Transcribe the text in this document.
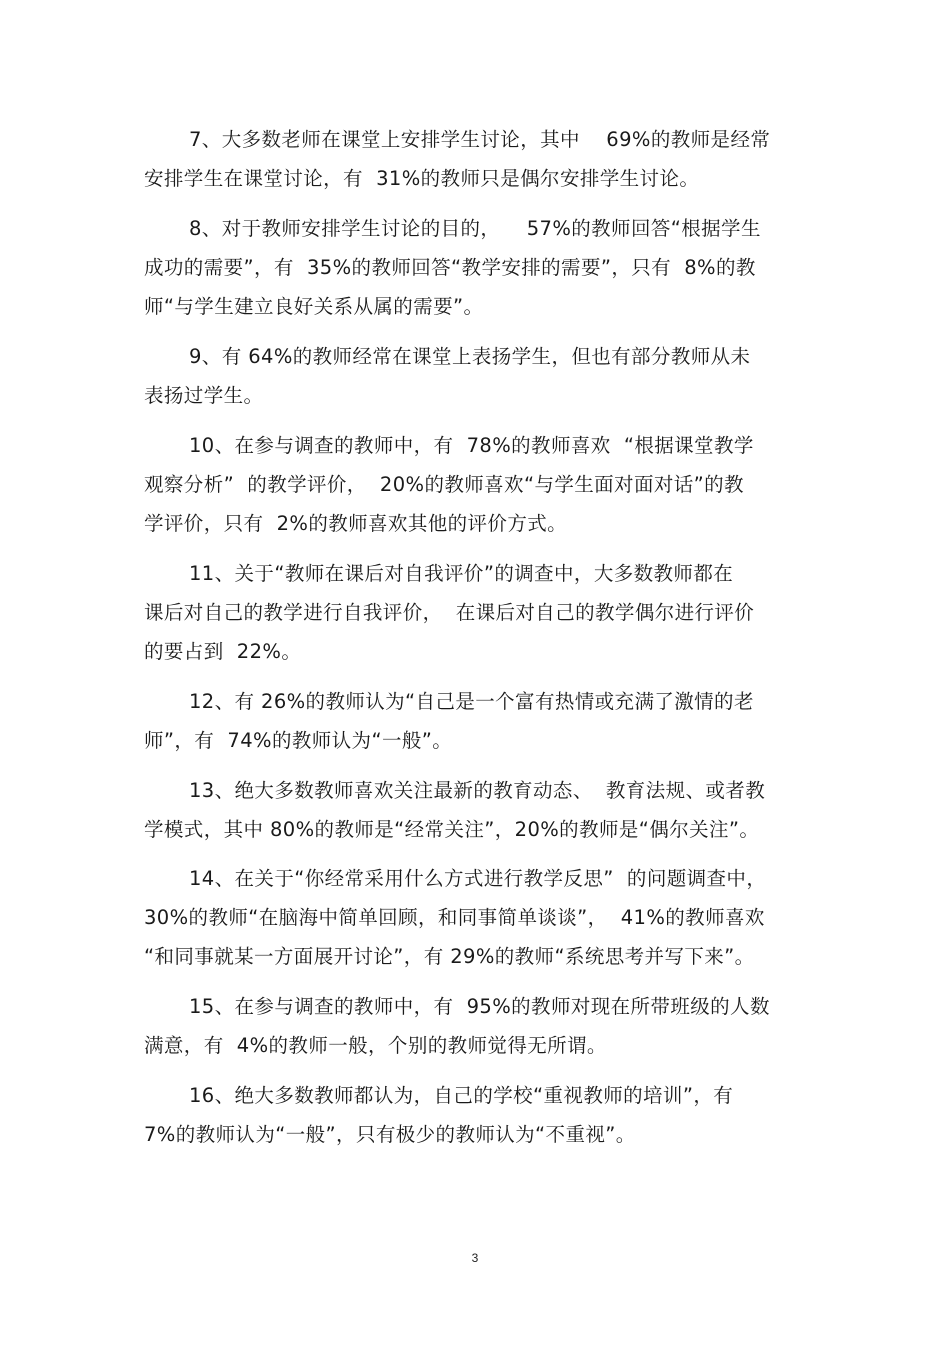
7、大多数老师在课堂上安排学生讨论，其中    69%的教师是经常
安排学生在课堂讨论，有  31%的教师只是偶尔安排学生讨论。
8、对于教师安排学生讨论的目的，    57%的教师回答“根据学生
成功的需要”，有  35%的教师回答“教学安排的需要”，只有  8%的教
师“与学生建立良好关系从属的需要”。
9、有 64%的教师经常在课堂上表扬学生，但也有部分教师从未
表扬过学生。
10、在参与调查的教师中，有  78%的教师喜欢  “根据课堂教学
观察分析”  的教学评价，  20%的教师喜欢“与学生面对面对话”的教
学评价，只有  2%的教师喜欢其他的评价方式。
11、关于“教师在课后对自我评价”的调查中，大多数教师都在
课后对自己的教学进行自我评价，  在课后对自己的教学偶尔进行评价
的要占到  22%。
12、有 26%的教师认为“自己是一个富有热情或充满了激情的老
师”，有  74%的教师认为“一般”。
13、绝大多数教师喜欢关注最新的教育动态、  教育法规、或者教
学模式，其中 80%的教师是“经常关注”，20%的教师是“偶尔关注”。
14、在关于“你经常采用什么方式进行教学反思”  的问题调查中，
30%的教师“在脑海中简单回顾，和同事简单谈谈”，  41%的教师喜欢
“和同事就某一方面展开讨论”，有 29%的教师“系统思考并写下来”。
15、在参与调查的教师中，有  95%的教师对现在所带班级的人数
满意，有  4%的教师一般，个别的教师觉得无所谓。
16、绝大多数教师都认为，自己的学校“重视教师的培训”，有
7%的教师认为“一般”，只有极少的教师认为“不重视”。
3
